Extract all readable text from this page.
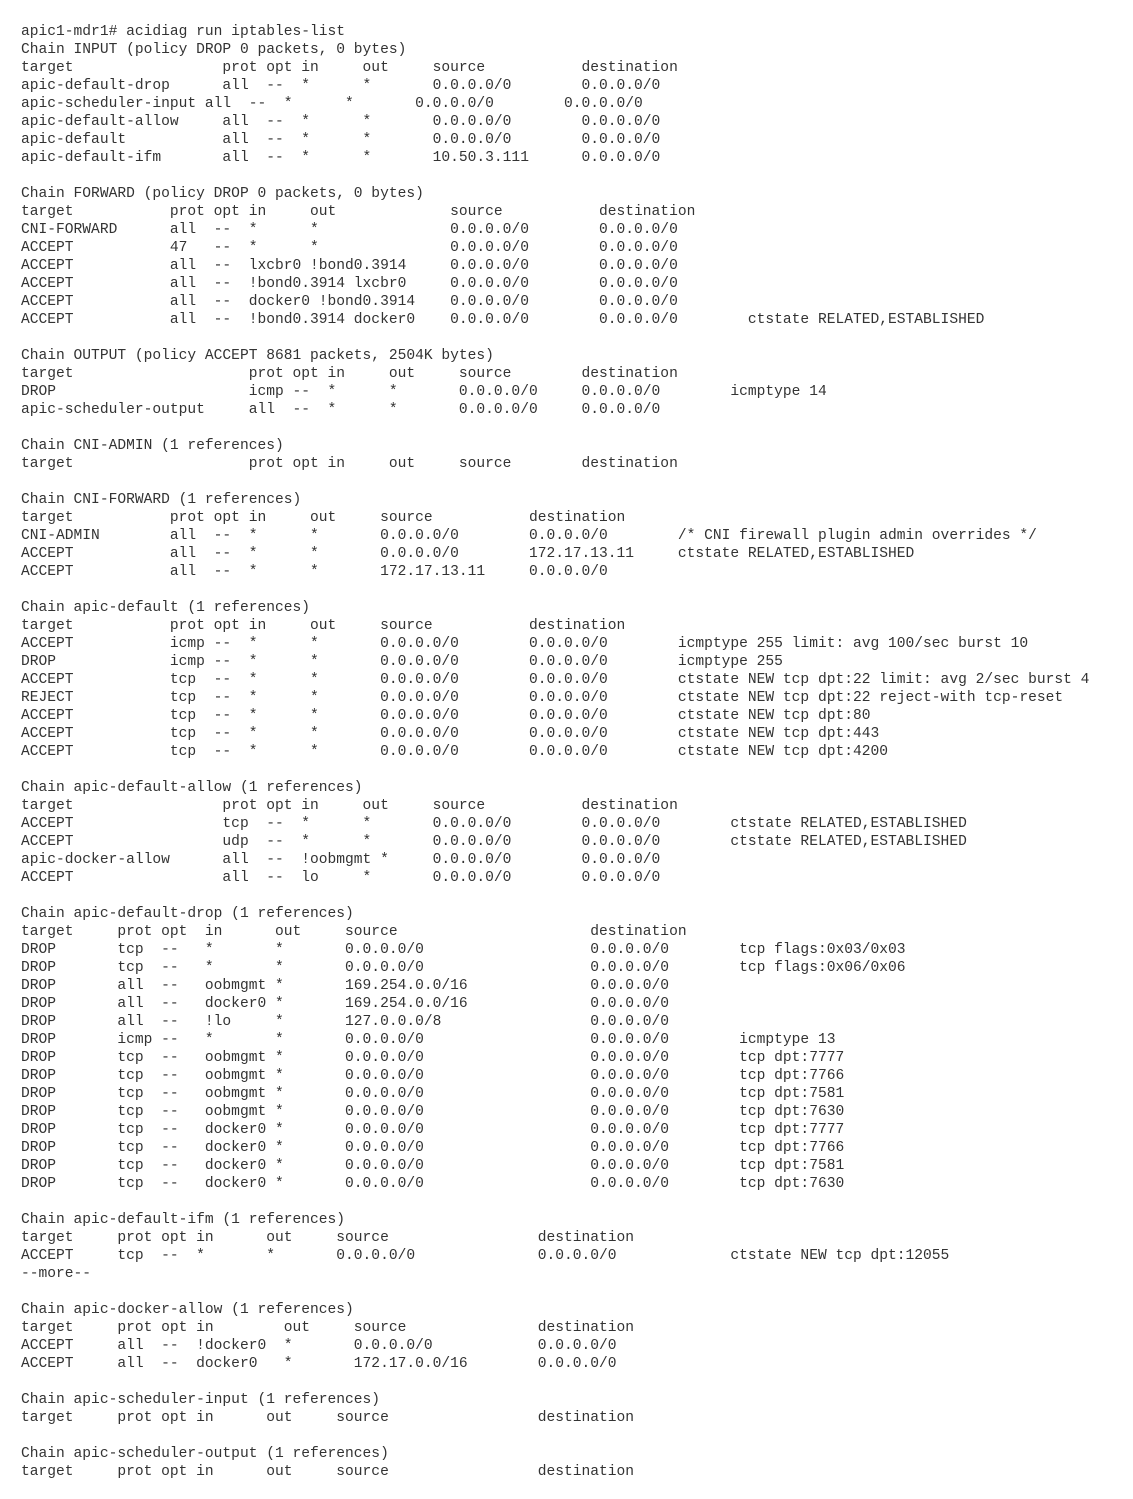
apic1-mdr1# acidiag run iptables-list
Chain INPUT (policy DROP 0 packets, 0 bytes)
target                 prot opt in     out     source           destination
apic-default-drop      all  --  *      *       0.0.0.0/0        0.0.0.0/0
apic-scheduler-input all  --  *      *       0.0.0.0/0        0.0.0.0/0
apic-default-allow     all  --  *      *       0.0.0.0/0        0.0.0.0/0
apic-default           all  --  *      *       0.0.0.0/0        0.0.0.0/0
apic-default-ifm       all  --  *      *       10.50.3.111      0.0.0.0/0
Chain FORWARD (policy DROP 0 packets, 0 bytes)
target           prot opt in     out             source           destination
CNI-FORWARD      all  --  *      *               0.0.0.0/0        0.0.0.0/0
ACCEPT           47   --  *      *               0.0.0.0/0        0.0.0.0/0
ACCEPT           all  --  lxcbr0 !bond0.3914     0.0.0.0/0        0.0.0.0/0
ACCEPT           all  --  !bond0.3914 lxcbr0     0.0.0.0/0        0.0.0.0/0
ACCEPT           all  --  docker0 !bond0.3914    0.0.0.0/0        0.0.0.0/0
ACCEPT           all  --  !bond0.3914 docker0    0.0.0.0/0        0.0.0.0/0        ctstate RELATED,ESTABLISHED
Chain OUTPUT (policy ACCEPT 8681 packets, 2504K bytes)
target                    prot opt in     out     source        destination
DROP                      icmp --  *      *       0.0.0.0/0     0.0.0.0/0        icmptype 14
apic-scheduler-output     all  --  *      *       0.0.0.0/0     0.0.0.0/0
Chain CNI-ADMIN (1 references)
target                    prot opt in     out     source        destination
Chain CNI-FORWARD (1 references)
target           prot opt in     out     source           destination
CNI-ADMIN        all  --  *      *       0.0.0.0/0        0.0.0.0/0        /* CNI firewall plugin admin overrides */
ACCEPT           all  --  *      *       0.0.0.0/0        172.17.13.11     ctstate RELATED,ESTABLISHED
ACCEPT           all  --  *      *       172.17.13.11     0.0.0.0/0
Chain apic-default (1 references)
target           prot opt in     out     source           destination
ACCEPT           icmp --  *      *       0.0.0.0/0        0.0.0.0/0        icmptype 255 limit: avg 100/sec burst 10
DROP             icmp --  *      *       0.0.0.0/0        0.0.0.0/0        icmptype 255
ACCEPT           tcp  --  *      *       0.0.0.0/0        0.0.0.0/0        ctstate NEW tcp dpt:22 limit: avg 2/sec burst 4
REJECT           tcp  --  *      *       0.0.0.0/0        0.0.0.0/0        ctstate NEW tcp dpt:22 reject-with tcp-reset
ACCEPT           tcp  --  *      *       0.0.0.0/0        0.0.0.0/0        ctstate NEW tcp dpt:80
ACCEPT           tcp  --  *      *       0.0.0.0/0        0.0.0.0/0        ctstate NEW tcp dpt:443
ACCEPT           tcp  --  *      *       0.0.0.0/0        0.0.0.0/0        ctstate NEW tcp dpt:4200
Chain apic-default-allow (1 references)
target                 prot opt in     out     source           destination
ACCEPT                 tcp  --  *      *       0.0.0.0/0        0.0.0.0/0        ctstate RELATED,ESTABLISHED
ACCEPT                 udp  --  *      *       0.0.0.0/0        0.0.0.0/0        ctstate RELATED,ESTABLISHED
apic-docker-allow      all  --  !oobmgmt *     0.0.0.0/0        0.0.0.0/0
ACCEPT                 all  --  lo     *       0.0.0.0/0        0.0.0.0/0
Chain apic-default-drop (1 references)
target     prot opt  in      out     source                      destination
DROP       tcp  --   *       *       0.0.0.0/0                   0.0.0.0/0        tcp flags:0x03/0x03
DROP       tcp  --   *       *       0.0.0.0/0                   0.0.0.0/0        tcp flags:0x06/0x06
DROP       all  --   oobmgmt *       169.254.0.0/16              0.0.0.0/0
DROP       all  --   docker0 *       169.254.0.0/16              0.0.0.0/0
DROP       all  --   !lo     *       127.0.0.0/8                 0.0.0.0/0
DROP       icmp --   *       *       0.0.0.0/0                   0.0.0.0/0        icmptype 13
DROP       tcp  --   oobmgmt *       0.0.0.0/0                   0.0.0.0/0        tcp dpt:7777
DROP       tcp  --   oobmgmt *       0.0.0.0/0                   0.0.0.0/0        tcp dpt:7766
DROP       tcp  --   oobmgmt *       0.0.0.0/0                   0.0.0.0/0        tcp dpt:7581
DROP       tcp  --   oobmgmt *       0.0.0.0/0                   0.0.0.0/0        tcp dpt:7630
DROP       tcp  --   docker0 *       0.0.0.0/0                   0.0.0.0/0        tcp dpt:7777
DROP       tcp  --   docker0 *       0.0.0.0/0                   0.0.0.0/0        tcp dpt:7766
DROP       tcp  --   docker0 *       0.0.0.0/0                   0.0.0.0/0        tcp dpt:7581
DROP       tcp  --   docker0 *       0.0.0.0/0                   0.0.0.0/0        tcp dpt:7630
Chain apic-default-ifm (1 references)
target     prot opt in      out     source                 destination
ACCEPT     tcp  --  *       *       0.0.0.0/0              0.0.0.0/0             ctstate NEW tcp dpt:12055
--more--
Chain apic-docker-allow (1 references)
target     prot opt in        out     source               destination
ACCEPT     all  --  !docker0  *       0.0.0.0/0            0.0.0.0/0
ACCEPT     all  --  docker0   *       172.17.0.0/16        0.0.0.0/0
Chain apic-scheduler-input (1 references)
target     prot opt in      out     source                 destination
Chain apic-scheduler-output (1 references)
target     prot opt in      out     source                 destination
